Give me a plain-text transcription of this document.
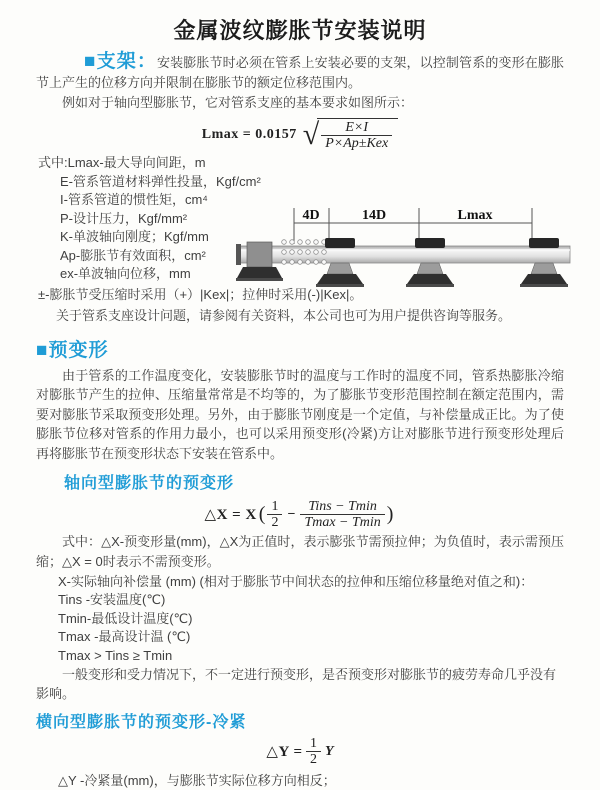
金属波纹膨胀节安装说明

■支架：安装膨胀节时必须在管系上安装必要的支架，以控制管系的变形在膨胀节上产生的位移方向并限制在膨胀节的额定位移范围内。

例如对于轴向型膨胀节，它对管系支座的基本要求如图所示：

Lmax = 0.0157 √ $\frac{E\times I}{\text{P×Ap±Kex}}$
式中:Lmax-最大导向间距，m
E-管系管道材料弹性投量，Kgf/cm²
I-管系管道的惯性矩，cm⁴
P-设计压力，Kgf/mm²
K-单波轴向刚度；Kgf/mm
Ap-膨胀节有效面积，cm²
ex-单波轴向位移，mm
±-膨胀节受压缩时采用（+）|Kex|；拉伸时采用(-)|Kex|。
关于管系支座设计问题，请参阅有关资料，本公司也可为用户提供咨询等服务。
■预变形

由于管系的工作温度变化，安装膨胀节时的温度与工作时的温度不同，管系热膨胀冷缩对膨胀节产生的拉伸、压缩量常常是不均等的，为了膨胀节变形范围控制在额定范围内，需要对膨胀节采取预变形处理。另外，由于膨胀节刚度是一个定值，与补偿量成正比。为了使膨胀节位移对管系的作用力最小，也可以采用预变形(冷紧)方让对膨胀节进行预变形处理后再将膨胀节在预变形状态下安装在管系中。

轴向型膨胀节的预变形
△X = X ( $\frac{1}{2} - \frac{\text{Tins − Tmin}}{Tmax - Tmin}$ )

式中：△X-预变形量(mm)，△X为正值时，表示膨张节需预拉伸；为负值时，表示需预压缩；△X = 0时表示不需预变形。

X-实际轴向补偿量 (mm) (相对于膨胀节中间状态的拉伸和压缩位移量绝对值之和)：
Tins -安装温度(℃)
Tmin-最低设计温度(℃)
Tmax -最高设计温 (℃)
Tmax > Tins ≥ Tmin

一般变形和受力情况下，不一定进行预变形，是否预变形对膨胀节的疲劳寿命几乎没有影响。

横向型膨胀节的预变形-冷紧
△Y =
$\frac{1}{2}$ Y
△Y -冷紧量(mm)，与膨胀节实际位移方向相反；
4D	14D	Lmax
